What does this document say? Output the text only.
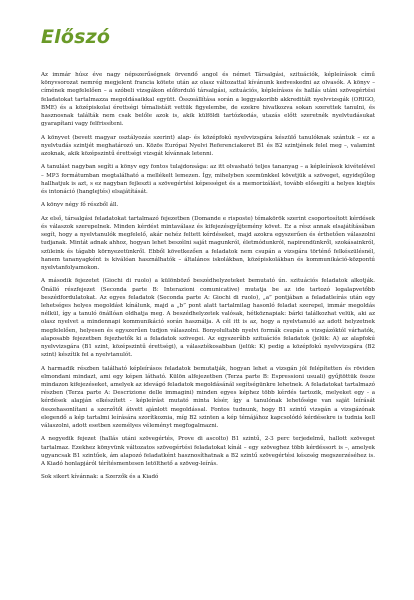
Előszó

Az immár húsz éve nagy népszerűségnek örvendő angol és német Társalgási, szituációk, képleírások című könyvsorozat nemrég megjelent francia kötete után az olasz változattal kívánunk kedveskedni az olvasók. A könyv – címének megfelelően – a szóbeli vizsgákon előforduló társalgási, szituációs, képleírásos és hallás utáni szövegértési feladatokat tartalmazza megoldásaikkal együtt. Összeállítása során a leggyakoribb akkreditált nyelvvizsgák (ORIGO, BME) és a középiskolai érettségi témalistáit vettük figyelembe, de ezekre hivatkozva sokan szerettek tanulni, és hasznosnak találták nem csak belőle azok is, akik külföldi tartózkodás, utazás előtt szeretnék nyelvtudásukat gyarapítani vagy felfrissíteni.

A könyvet (bevett magyar osztályozás szerint) alap- és középfokú nyelvvizsgára készülő tanulóknak szántuk – ez a nyelvtudás szintjét meghatározó un. Közös Európai Nyelvi Referenciakeret B1 és B2 szintjének felel meg –, valamint azoknak, akik középszintű érettségi vizsgát kívánnak letenni.

A tanulást nagyban segíti a könyv egy fontos tulajdonsága: az itt olvasható teljes tananyag – a képleírások kivételével – MP3 formátumban megtalálható a mellékelt lemezen. Így, mihelyben szemünkkel követjük a szöveget, egyidejűleg hallhatjuk is azt, s ez nagyban fejleszti a szövegértési képességet és a memorizálást, tovább elősegíti a helyes kiejtés és intonáció (hanglejtés) elsajátítását.

A könyv négy fő részből áll.

Az első, társalgási feladatokat tartalmazó fejezetben (Domande e risposte) témakörök szerint csoportosított kérdések és válaszok szerepelnek. Minden kérdést mintaválasz és kifejezésgyűjtemény követ. Ez a rész annak elsajátításában segít, hogy a nyelvtanulók megfelelő, akár nehéz feltett kérdéseket, majd azokra egyszerűen és érthetően válaszolni tudjanak. Mintát adnak ahhoz, hogyan lehet beszélni saját magunkról, életmódunkról, napirendünkről, szokásainkról, szüleink és tágabb környezetünkről. Ebből következően a feladatok nem csupán a vizsgára történő felkészülésnél, hanem tananyagként is kiválóan használhatók – általános iskolákban, középiskolákban és kommunikáció-központú nyelvtanfolyamokon.

A második fejezetet (Giochi di ruolo) a különböző beszédhelyzeteket bemutató ún. szituációs feladatok alkotják. Önálló részfejezet (Seconda parte B: Interazioni comunicative) mutatja be az ide tartozó legalapvetőbb beszédfordulatokat. Az egyes feladatok (Seconda parte A: Giochi di ruolo), „a” pontjában a feladatleírás után egy lehetséges helyes megoldást kínálunk, majd a „b” pont alatt tartalmilag hasonló feladat szerepel, immár megoldás nélkül, így a tanuló önállóan oldhatja meg. A beszédhelyzetek valósak, hétköznapiak: bárki találkozhat velük, aki az olasz nyelvet a mindennapi kommunikáció során használja. A cél itt is az, hogy a nyelvtanuló az adott helyzetnek megfelelően, helyesen és egyszerűen tudjon válaszolni. Bonyolultabb nyelvi formák csupán a vizsgázóktól várhatók, alaposabb fejezetben fejezhetők ki a feladatok szövegei. Az egyszerűbb szituációs feladatok (jelük: A) az alapfokú nyelvvizsgára (B1 szint, középszintű érettségi), a választékosabban (jelük: K) pedig a középfokú nyelvvizsgára (B2 szint) készítik fel a nyelvtanulót.

A harmadik részben található képleírásos feladatok bemutatják, hogyan lehet a vizsgán jól felépítetten és röviden elmondani mindazt, ami egy képen látható. Külön alfejezetben (Terza parte B: Espressioni usuali) gyűjtöttük össze mindazon kifejezéseket, amelyek az idevágó feladatok megoldásánál segítségünkre lehetnek. A feladatokat tartalmazó részben (Terza parte A: Descrizione delle immagini) minden egyes képhez több kérdés tartozik, melyeket egy - a kérdések alapján elkészített - képleírást mutató minta kísér, így a tanulónak lehetősége van saját leírását összehasonlítani a szerzőtől átvett ajánlott megoldással. Fontos tudnunk, hogy B1 szintű vizsgán a vizsgázónak elegendő a kép tartalmi leírására szorítkoznia, míg B2 szinten a kép témájához kapcsolódó kérdésekre is tudnia kell válaszolni, adott esetben személyes véleményt megfogalmazni.

A negyedik fejezet (hallás utáni szövegértés, Prove di ascolto) B1 szintű, 2-3 perc terjedelmű, hallott szöveget tartalmaz. Ezekhez könyvünk változatos szövegértési feladatokat kínál – egy szöveghez több kérdéssort is –, amelyek ugyancsak B1 szintűek, ám alapozó feladatként hasznosíthatnak a B2 szintű szövegértési készség megszerzéséhez is. A Kiadó honlapjáról térítésmentesen letölthető a szöveg-leírás.

Sok sikert kívánnak: a Szerzők és a Kiadó
